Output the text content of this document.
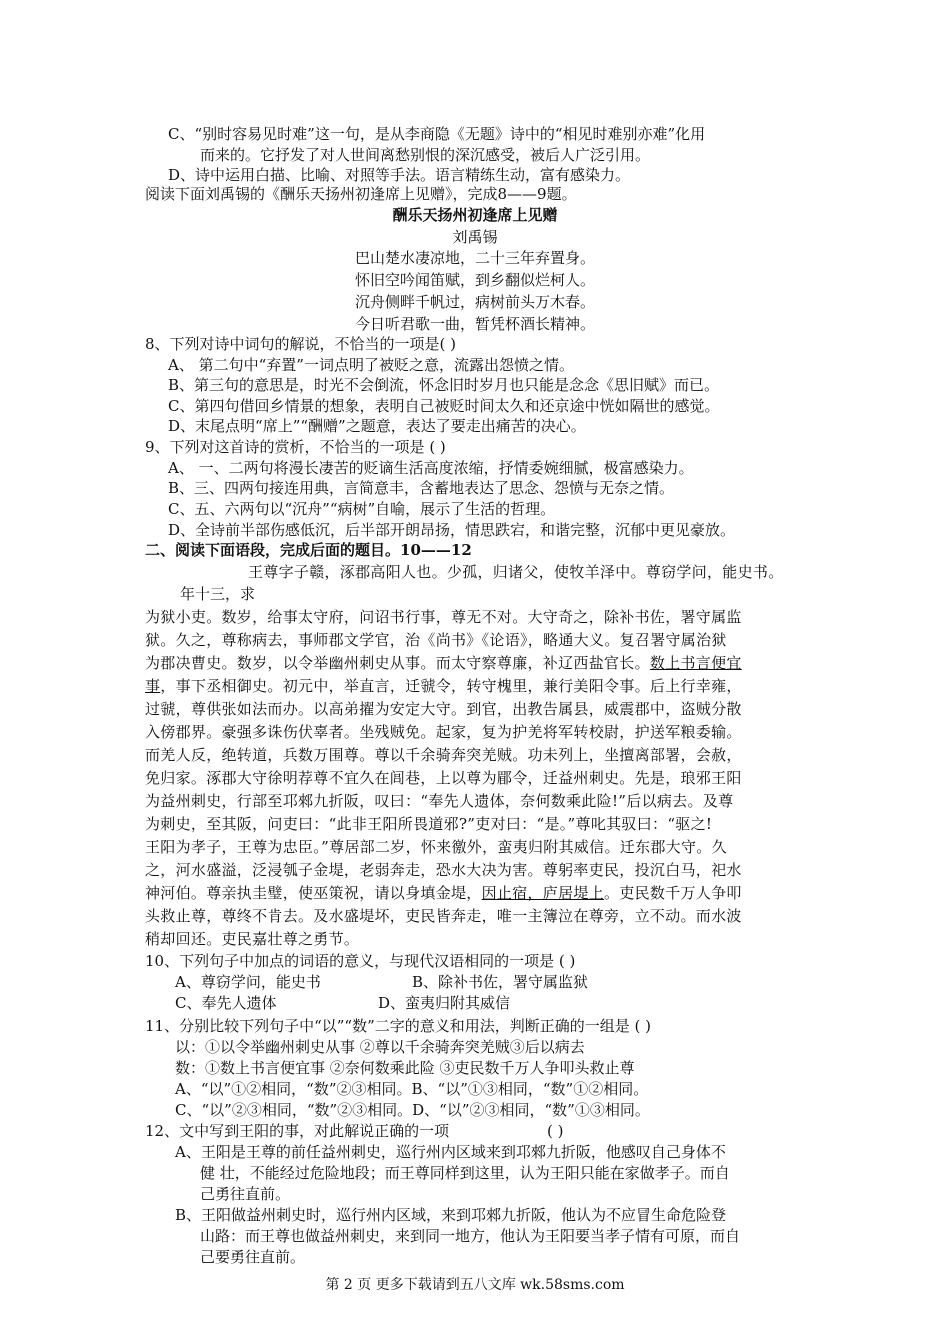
C、“别时容易见时难”这一句，是从李商隐《无题》诗中的“相见时难别亦难”化用
而来的。它抒发了对人世间离愁别恨的深沉感受，被后人广泛引用。
D、诗中运用白描、比喻、对照等手法。语言精练生动，富有感染力。
阅读下面刘禹锡的《酬乐天扬州初逢席上见赠》，完成8——9题。
酬乐天扬州初逢席上见赠
刘禹锡
巴山楚水凄凉地，二十三年弃置身。
怀旧空吟闻笛赋，到乡翻似烂柯人。
沉舟侧畔千帆过，病树前头万木春。
今日听君歌一曲，暂凭杯酒长精神。
8、下列对诗中词句的解说，不恰当的一项是( )
A、 第二句中“弃置”一词点明了被贬之意，流露出怨愤之情。
B、第三句的意思是，时光不会倒流，怀念旧时岁月也只能是念念《思旧赋》而已。
C、第四句借回乡情景的想象，表明自己被贬时间太久和还京途中恍如隔世的感觉。
D、末尾点明“席上”“酬赠”之题意，表达了要走出痛苦的决心。
9、下列对这首诗的赏析，不恰当的一项是 ( )
A、 一、二两句将漫长凄苦的贬谪生活高度浓缩，抒情委婉细腻，极富感染力。
B、三、四两句接连用典，言简意丰，含蓄地表达了思念、怨愤与无奈之情。
C、五、六两句以“沉舟”“病树”自喻，展示了生活的哲理。
D、全诗前半部伤感低沉，后半部开朗昂扬，情思跌宕，和谐完整，沉郁中更见豪放。
二、阅读下面语段，完成后面的题目。10——12
王尊字子赣，涿郡高阳人也。少孤，归诸父，使牧羊泽中。尊窃学问，能史书。
年十三，求
为狱小吏。数岁，给事太守府，问诏书行事，尊无不对。大守奇之，除补书佐，署守属监
狱。久之，尊称病去，事师郡文学官，治《尚书》《论语》，略通大义。复召署守属治狱
为郡决曹史。数岁，以令举幽州刺史从事。而太守察尊廉，补辽西盐官长。数上书言便宜
事，事下丞相御史。初元中，举直言，迁虢令，转守槐里，兼行美阳令事。后上行幸雍，
过虢，尊供张如法而办。以高弟擢为安定大守。到官，出教告属县，威震郡中，盗贼分散
入傍郡界。豪强多诛伤伏辜者。坐残贼免。起家，复为护羌将军转校尉，护送军粮委输。
而羌人反，绝转道，兵数万围尊。尊以千余骑奔突羌贼。功未列上，坐擅离部署，会赦，
免归家。涿郡大守徐明荐尊不宜久在闾巷，上以尊为郿令，迁益州刺史。先是，琅邪王阳
为益州刺史，行部至邛郲九折阪，叹曰：“奉先人遗体，奈何数乘此险!”后以病去。及尊
为刺史，至其阪，问吏曰：“此非王阳所畏道邪?”吏对曰：“是。”尊叱其驭曰：“驱之!
王阳为孝子，王尊为忠臣。”尊居部二岁，怀来徼外，蛮夷归附其威信。迁东郡大守。久
之，河水盛溢，泛浸瓠子金堤，老弱奔走，恐水大决为害。尊躬率吏民，投沉白马，祀水
神河伯。尊亲执圭璧，使巫策祝，请以身填金堤，因止宿，庐居堤上。吏民数千万人争叩
头救止尊，尊终不肯去。及水盛堤坏，吏民皆奔走，唯一主簿泣在尊旁，立不动。而水波
稍却回还。吏民嘉壮尊之勇节。
10、下列句子中加点的词语的意义，与现代汉语相同的一项是 ( )
A、尊窃学问，能史书	B、除补书佐，署守属监狱
C、奉先人遗体	D、蛮夷归附其威信
11、分别比较下列句子中“以”“数”二字的意义和用法，判断正确的一组是 ( )
以：①以令举幽州刺史从事 ②尊以千余骑奔突羌贼③后以病去
数：①数上书言便宜事 ②奈何数乘此险 ③吏民数千万人争叩头救止尊
A、“以”①②相同，“数”②③相同。B、“以”①③相同，“数”①②相同。
C、“以”②③相同，“数”②③相同。D、“以”②③相同，“数”①③相同。
12、文中写到王阳的事，对此解说正确的一项	( )
A、王阳是王尊的前任益州刺史，巡行州内区域来到邛郲九折阪，他感叹自己身体不
健 壮，不能经过危险地段；而王尊同样到这里，认为王阳只能在家做孝子。而自
己勇往直前。
B、王阳做益州刺史时，巡行州内区域，来到邛郲九折阪，他认为不应冒生命危险登
山路：而王尊也做益州刺史，来到同一地方，他认为王阳要当孝子情有可原，而自
己要勇往直前。
第 2 页 更多下载请到五八文库 wk.58sms.com
